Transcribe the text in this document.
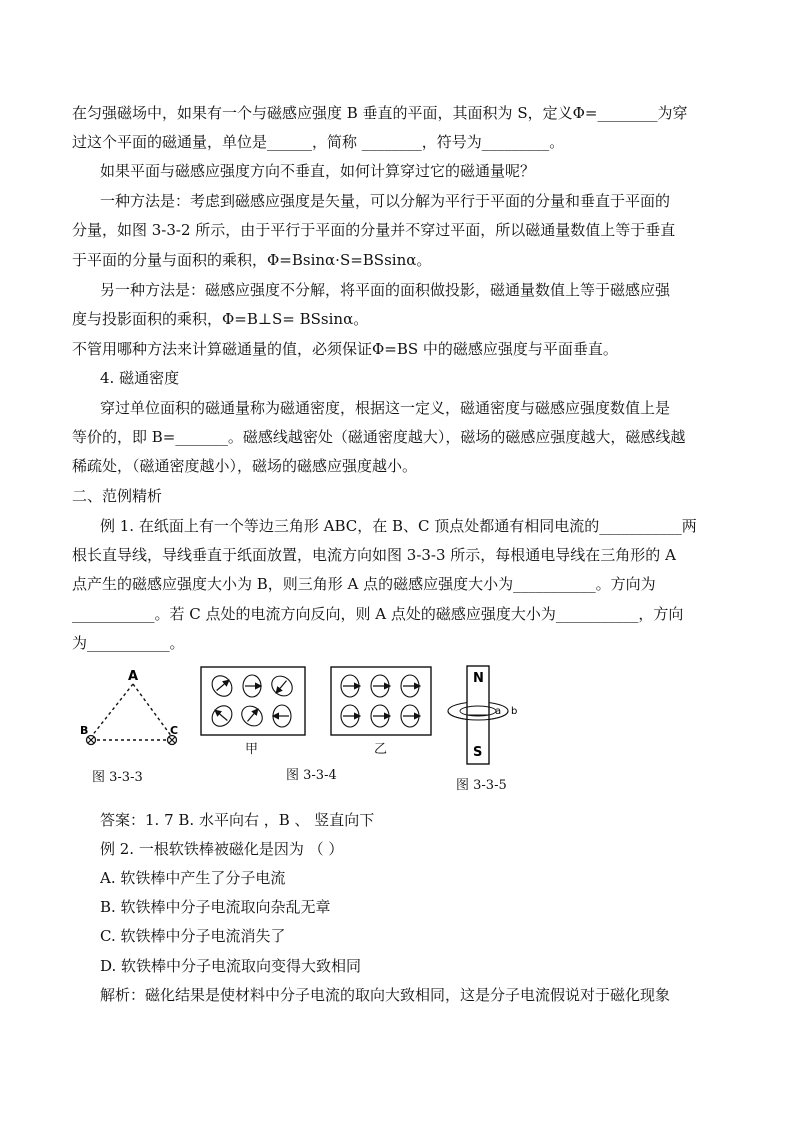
在匀强磁场中，如果有一个与磁感应强度 B 垂直的平面，其面积为 S，定义Φ=________为穿
过这个平面的磁通量，单位是______，简称 ________，符号为_________。
如果平面与磁感应强度方向不垂直，如何计算穿过它的磁通量呢？
一种方法是：考虑到磁感应强度是矢量，可以分解为平行于平面的分量和垂直于平面的
分量，如图 3-3-2 所示，由于平行于平面的分量并不穿过平面，所以磁通量数值上等于垂直
于平面的分量与面积的乘积，Φ=Bsinα·S=BSsinα。
另一种方法是：磁感应强度不分解，将平面的面积做投影，磁通量数值上等于磁感应强
度与投影面积的乘积，Φ=B⊥S= BSsinα。
不管用哪种方法来计算磁通量的值，必须保证Φ=BS 中的磁感应强度与平面垂直。
4. 磁通密度
穿过单位面积的磁通量称为磁通密度，根据这一定义，磁通密度与磁感应强度数值上是
等价的，即 B=_______。磁感线越密处（磁通密度越大），磁场的磁感应强度越大，磁感线越
稀疏处，（磁通密度越小），磁场的磁感应强度越小。
二、范例精析
例 1. 在纸面上有一个等边三角形 ABC，在 B、C 顶点处都通有相同电流的___________两
根长直导线，导线垂直于纸面放置，电流方向如图 3-3-3 所示，每根通电导线在三角形的 A
点产生的磁感应强度大小为 B，则三角形 A 点的磁感应强度大小为___________。方向为
___________。若 C 点处的电流方向反向，则 A 点处的磁感应强度大小为___________，方向
为___________。
A
B	C
图 3-3-3
甲	乙
图 3-3-4
N
S
a b
图 3-3-5
答案：1. 7 B. 水平向右 ，B 、 竖直向下
例 2. 一根软铁棒被磁化是因为 （ ）
A. 软铁棒中产生了分子电流
B. 软铁棒中分子电流取向杂乱无章
C. 软铁棒中分子电流消失了
D. 软铁棒中分子电流取向变得大致相同
解析：磁化结果是使材料中分子电流的取向大致相同，这是分子电流假说对于磁化现象
